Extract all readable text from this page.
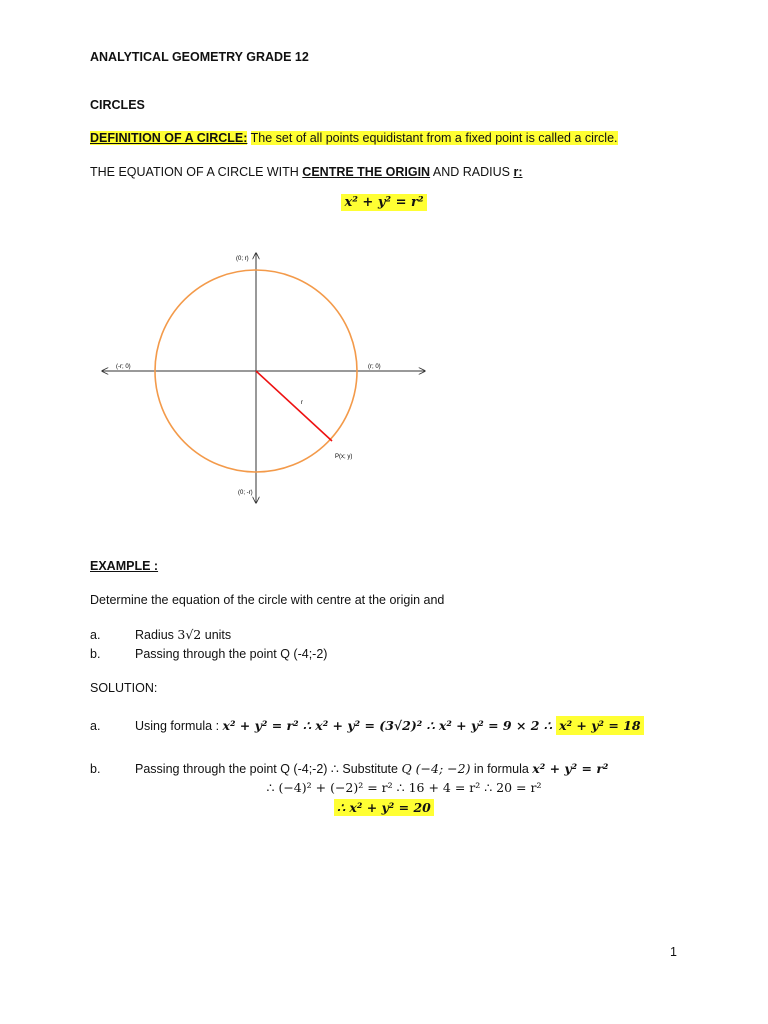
ANALYTICAL GEOMETRY GRADE 12
CIRCLES
DEFINITION OF A CIRCLE: The set of all points equidistant from a fixed point is called a circle.
THE EQUATION OF A CIRCLE WITH CENTRE THE ORIGIN AND RADIUS r:
x² + y² = r²
(0; r)
(0; -r)
(-r; 0)	(r; 0)
r
P(x; y)
EXAMPLE :
Determine the equation of the circle with centre at the origin and
a.	Radius 3√2 units
b.	Passing through the point Q (-4;-2)
SOLUTION:
a.	Using formula : x² + y² = r² ∴ x² + y² = (3√2)² ∴ x² + y² = 9 × 2 ∴ x² + y² = 18
b.	Passing through the point Q (-4;-2) ∴ Substitute Q (−4; −2) in formula x² + y² = r²
∴ (−4)² + (−2)² = r² ∴ 16 + 4 = r² ∴ 20 = r²
∴ x² + y² = 20
1
